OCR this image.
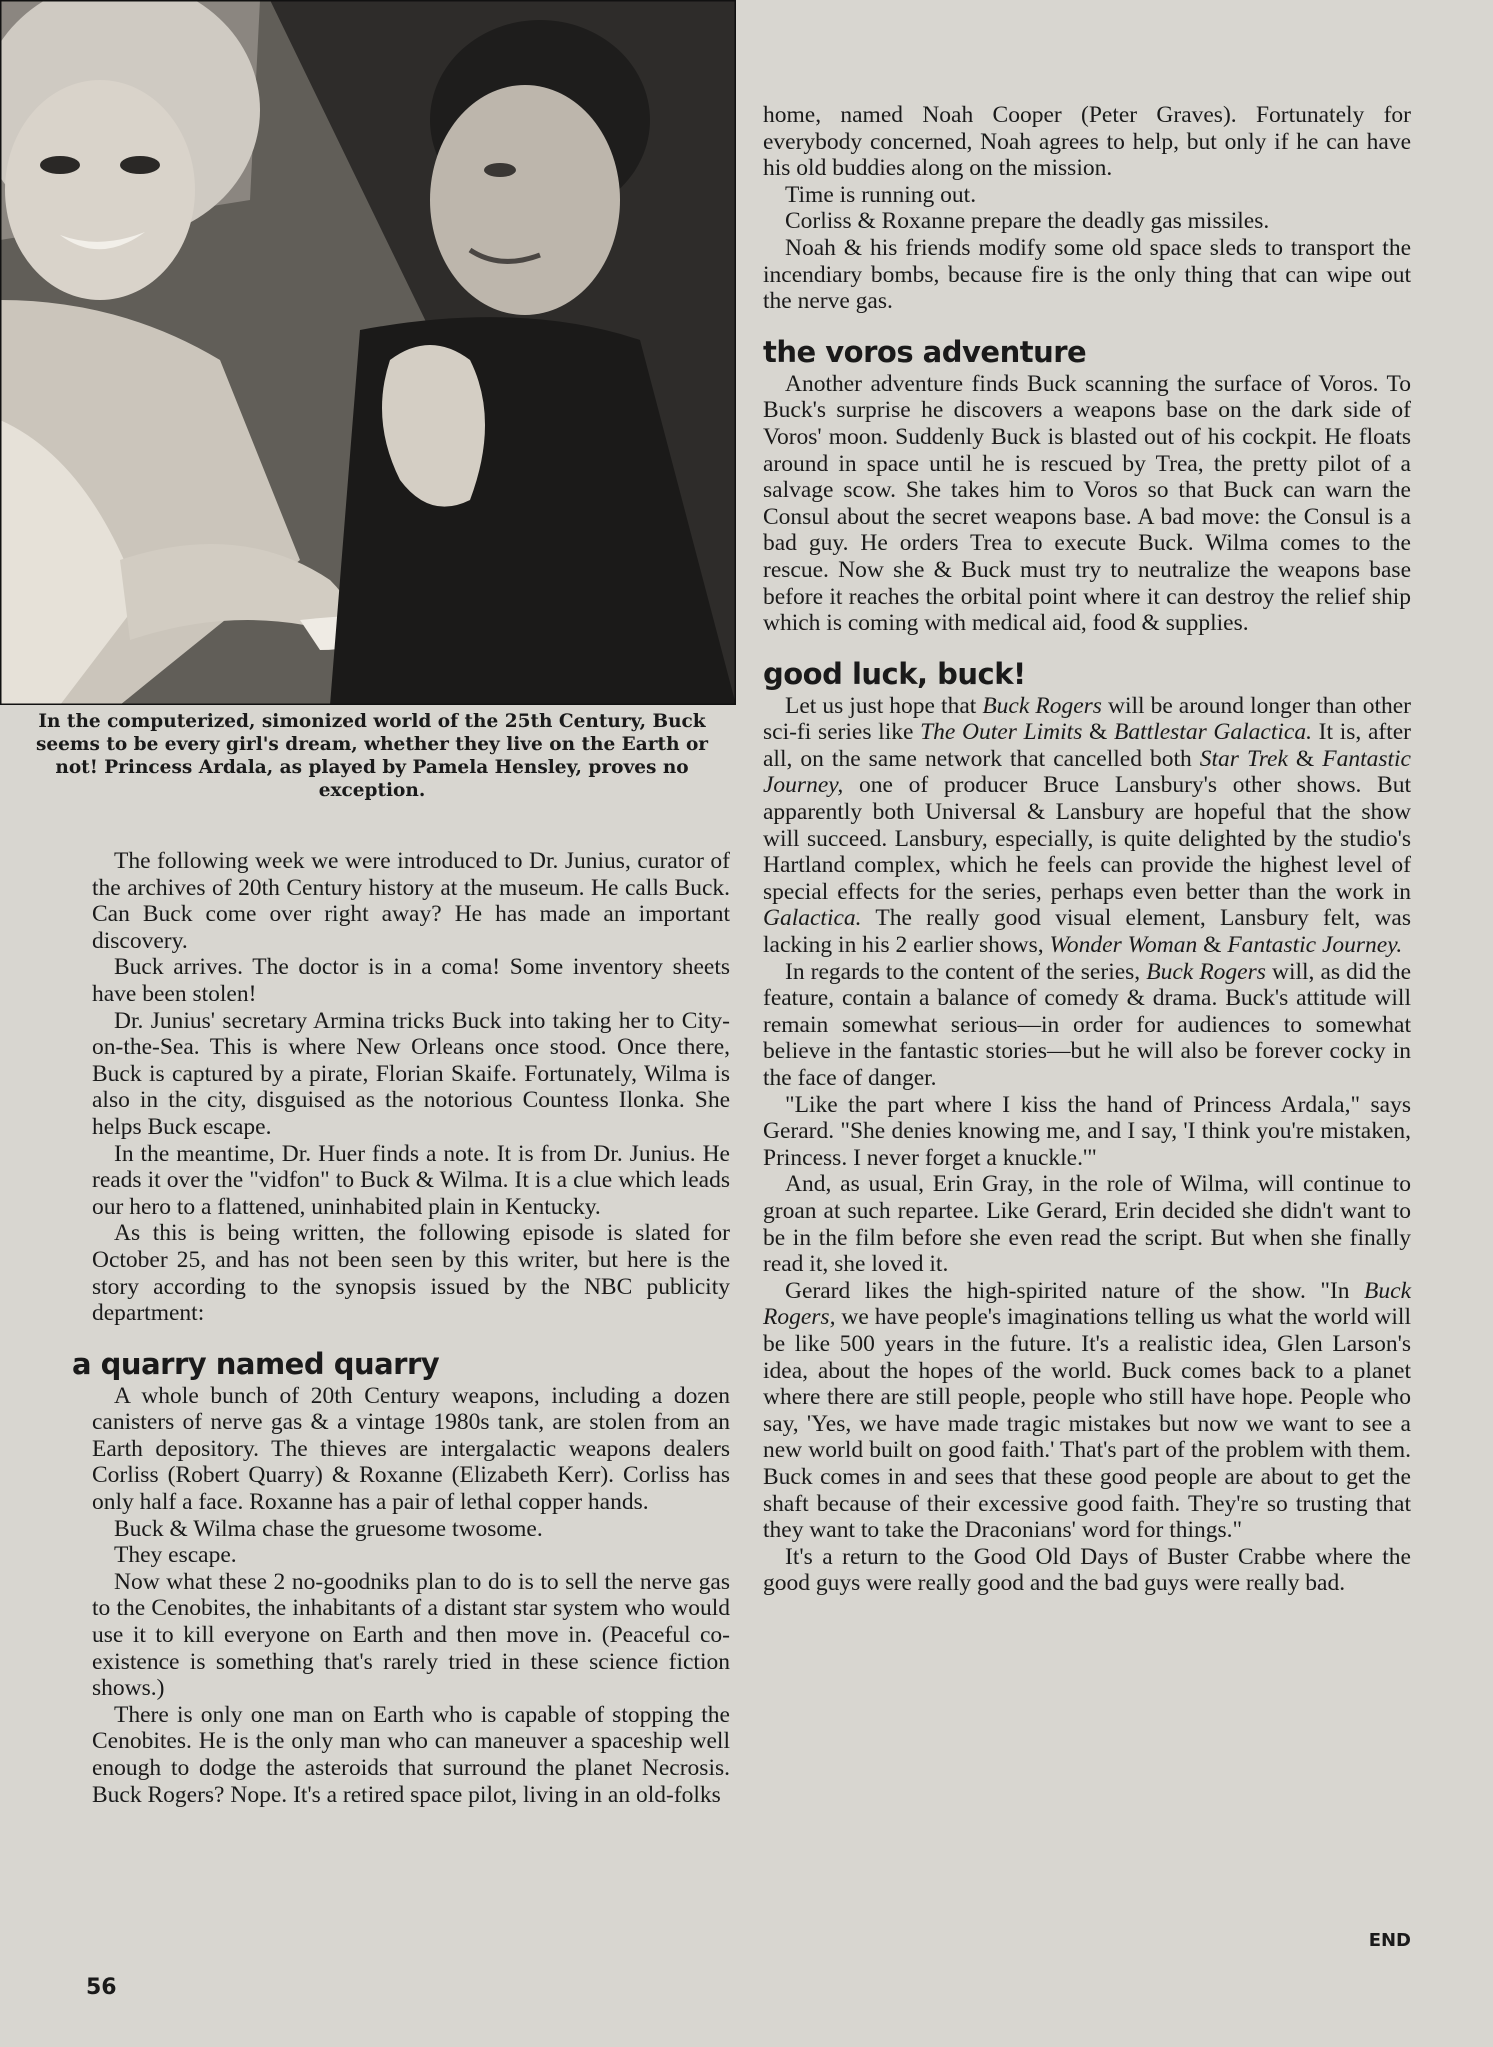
In the computerized, simonized world of the 25th Century, Buck seems to be every girl's dream, whether they live on the Earth or not! Princess Ardala, as played by Pamela Hensley, proves no exception.

The following week we were introduced to Dr. Junius, curator of the archives of 20th Century history at the museum. He calls Buck. Can Buck come over right away? He has made an important discovery.

Buck arrives. The doctor is in a coma! Some inventory sheets have been stolen!

Dr. Junius' secretary Armina tricks Buck into taking her to City-on-the-Sea. This is where New Orleans once stood. Once there, Buck is captured by a pirate, Florian Skaife. Fortunately, Wilma is also in the city, disguised as the notorious Countess Ilonka. She helps Buck escape.

In the meantime, Dr. Huer finds a note. It is from Dr. Junius. He reads it over the "vidfon" to Buck & Wilma. It is a clue which leads our hero to a flattened, uninhabited plain in Kentucky.

As this is being written, the following episode is slated for October 25, and has not been seen by this writer, but here is the story according to the synopsis issued by the NBC publicity department:

a quarry named quarry

A whole bunch of 20th Century weapons, including a dozen canisters of nerve gas & a vintage 1980s tank, are stolen from an Earth depository. The thieves are intergalactic weapons dealers Corliss (Robert Quarry) & Roxanne (Elizabeth Kerr). Corliss has only half a face. Roxanne has a pair of lethal copper hands.

Buck & Wilma chase the gruesome twosome.

They escape.

Now what these 2 no-goodniks plan to do is to sell the nerve gas to the Cenobites, the inhabitants of a distant star system who would use it to kill everyone on Earth and then move in. (Peaceful co-existence is something that's rarely tried in these science fiction shows.)

There is only one man on Earth who is capable of stopping the Cenobites. He is the only man who can maneuver a spaceship well enough to dodge the asteroids that surround the planet Necrosis. Buck Rogers? Nope. It's a retired space pilot, living in an old-folks

home, named Noah Cooper (Peter Graves). Fortunately for everybody concerned, Noah agrees to help, but only if he can have his old buddies along on the mission.

Time is running out.

Corliss & Roxanne prepare the deadly gas missiles.

Noah & his friends modify some old space sleds to transport the incendiary bombs, because fire is the only thing that can wipe out the nerve gas.

the voros adventure

Another adventure finds Buck scanning the surface of Voros. To Buck's surprise he discovers a weapons base on the dark side of Voros' moon. Suddenly Buck is blasted out of his cockpit. He floats around in space until he is rescued by Trea, the pretty pilot of a salvage scow. She takes him to Voros so that Buck can warn the Consul about the secret weapons base. A bad move: the Consul is a bad guy. He orders Trea to execute Buck. Wilma comes to the rescue. Now she & Buck must try to neutralize the weapons base before it reaches the orbital point where it can destroy the relief ship which is coming with medical aid, food & supplies.

good luck, buck!

Let us just hope that Buck Rogers will be around longer than other sci-fi series like The Outer Limits & Battlestar Galactica. It is, after all, on the same network that cancelled both Star Trek & Fantastic Journey, one of producer Bruce Lansbury's other shows. But apparently both Universal & Lansbury are hopeful that the show will succeed. Lansbury, especially, is quite delighted by the studio's Hartland complex, which he feels can provide the highest level of special effects for the series, perhaps even better than the work in Galactica. The really good visual element, Lansbury felt, was lacking in his 2 earlier shows, Wonder Woman & Fantastic Journey.

In regards to the content of the series, Buck Rogers will, as did the feature, contain a balance of comedy & drama. Buck's attitude will remain somewhat serious—in order for audiences to somewhat believe in the fantastic stories—but he will also be forever cocky in the face of danger.

"Like the part where I kiss the hand of Princess Ardala," says Gerard. "She denies knowing me, and I say, 'I think you're mistaken, Princess. I never forget a knuckle.'"

And, as usual, Erin Gray, in the role of Wilma, will continue to groan at such repartee. Like Gerard, Erin decided she didn't want to be in the film before she even read the script. But when she finally read it, she loved it.

Gerard likes the high-spirited nature of the show. "In Buck Rogers, we have people's imaginations telling us what the world will be like 500 years in the future. It's a realistic idea, Glen Larson's idea, about the hopes of the world. Buck comes back to a planet where there are still people, people who still have hope. People who say, 'Yes, we have made tragic mistakes but now we want to see a new world built on good faith.' That's part of the problem with them. Buck comes in and sees that these good people are about to get the shaft because of their excessive good faith. They're so trusting that they want to take the Draconians' word for things."

It's a return to the Good Old Days of Buster Crabbe where the good guys were really good and the bad guys were really bad.

END
56
